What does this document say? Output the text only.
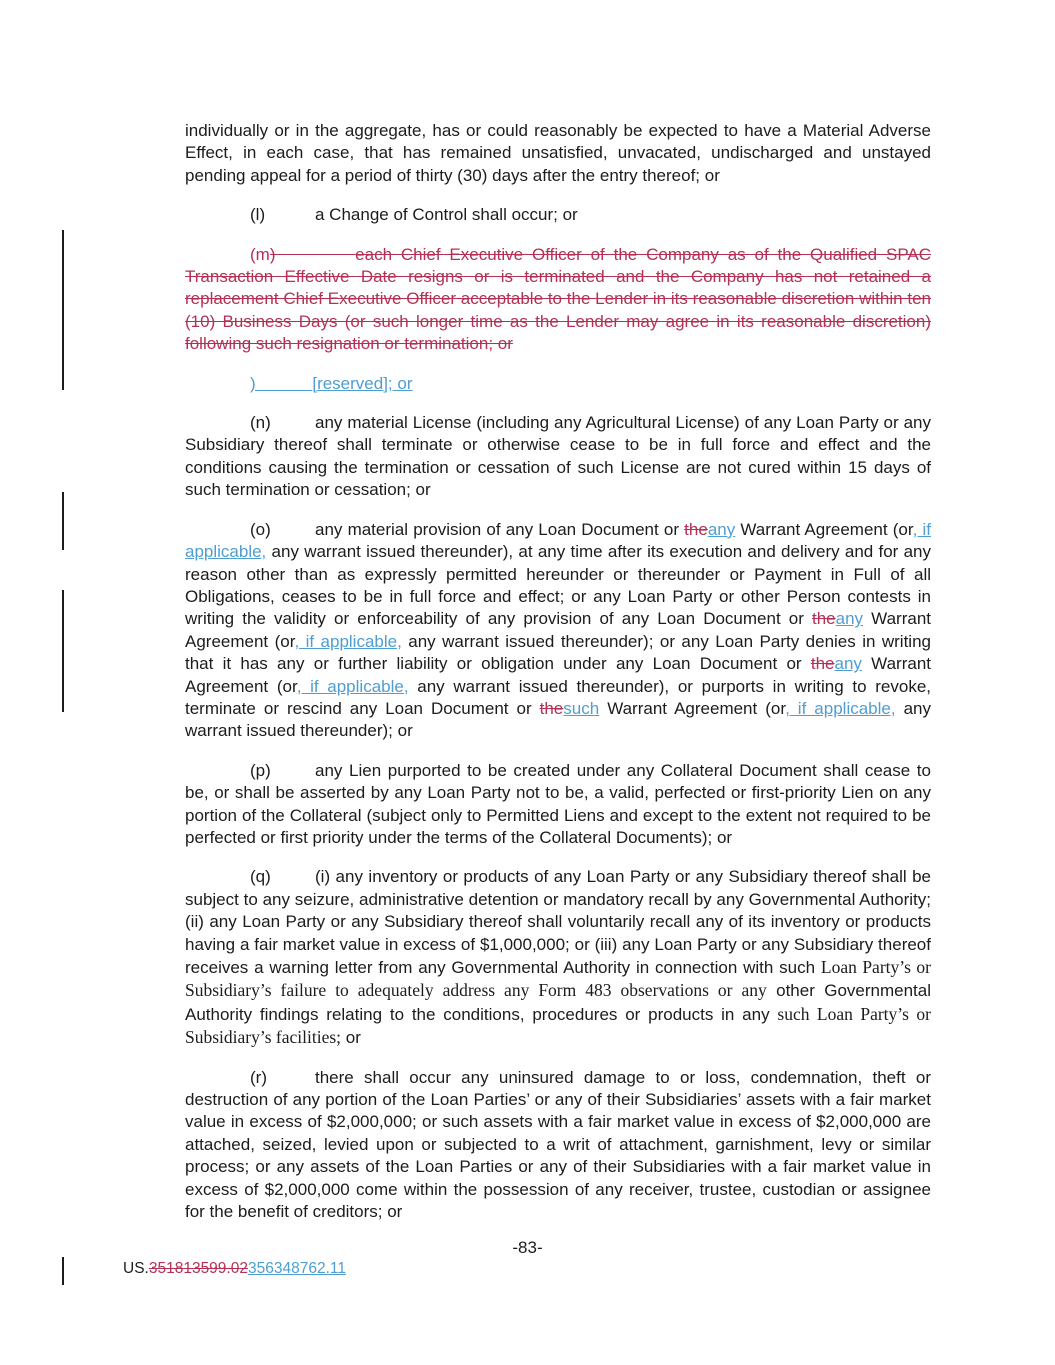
individually or in the aggregate, has or could reasonably be expected to have a Material Adverse Effect, in each case, that has remained unsatisfied, unvacated, undischarged and unstayed pending appeal for a period of thirty (30) days after the entry thereof; or

(l)	a Change of Control shall occur; or

(m)         each Chief Executive Officer of the Company as of the Qualified SPAC Transaction Effective Date resigns or is terminated and the Company has not retained a replacement Chief Executive Officer acceptable to the Lender in its reasonable discretion within ten (10) Business Days (or such longer time as the Lender may agree in its reasonable discretion) following such resignation or termination; or

)            [reserved]; or

(n)	any material License (including any Agricultural License) of any Loan Party or any Subsidiary thereof shall terminate or otherwise cease to be in full force and effect and the conditions causing the termination or cessation of such License are not cured within 15 days of such termination or cessation; or

(o)	any material provision of any Loan Document or theany Warrant Agreement (or, if applicable, any warrant issued thereunder), at any time after its execution and delivery and for any reason other than as expressly permitted hereunder or thereunder or Payment in Full of all Obligations, ceases to be in full force and effect; or any Loan Party or other Person contests in writing the validity or enforceability of any provision of any Loan Document or theany Warrant Agreement (or, if applicable, any warrant issued thereunder); or any Loan Party denies in writing that it has any or further liability or obligation under any Loan Document or theany Warrant Agreement (or, if applicable, any warrant issued thereunder), or purports in writing to revoke, terminate or rescind any Loan Document or thesuch Warrant Agreement (or, if applicable, any warrant issued thereunder); or

(p)	any Lien purported to be created under any Collateral Document shall cease to be, or shall be asserted by any Loan Party not to be, a valid, perfected or first-priority Lien on any portion of the Collateral (subject only to Permitted Liens and except to the extent not required to be perfected or first priority under the terms of the Collateral Documents); or

(q)	(i) any inventory or products of any Loan Party or any Subsidiary thereof shall be subject to any seizure, administrative detention or mandatory recall by any Governmental Authority; (ii) any Loan Party or any Subsidiary thereof shall voluntarily recall any of its inventory or products having a fair market value in excess of $1,000,000; or (iii) any Loan Party or any Subsidiary thereof receives a warning letter from any Governmental Authority in connection with such Loan Party’s or Subsidiary’s failure to adequately address any Form 483 observations or any other Governmental Authority findings relating to the conditions, procedures or products in any such Loan Party’s or Subsidiary’s facilities; or

(r)	there shall occur any uninsured damage to or loss, condemnation, theft or destruction of any portion of the Loan Parties’ or any of their Subsidiaries’ assets with a fair market value in excess of $2,000,000; or such assets with a fair market value in excess of $2,000,000 are attached, seized, levied upon or subjected to a writ of attachment, garnishment, levy or similar process; or any assets of the Loan Parties or any of their Subsidiaries with a fair market value in excess of $2,000,000 come within the possession of any receiver, trustee, custodian or assignee for the benefit of creditors; or

-83-
US.351813599.02356348762.11
